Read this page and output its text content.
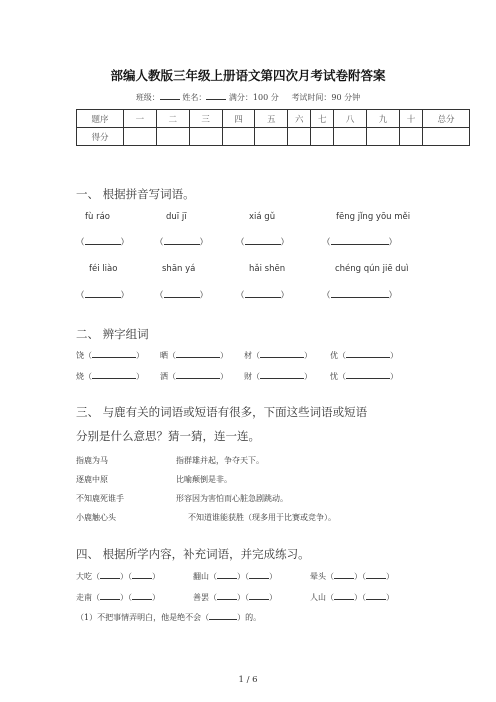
部编人教版三年级上册语文第四次月考试卷附答案
班级：	姓名：	满分：100 分 考试时间：90 分钟
题序	一	二	三	四	五	六	七	八	九	十	总分
得分											
一、 根据拼音写词语。
fù ráo	duī jī	xiá gǔ	fēng jǐng yōu měi
（	）	（	）	（	）	（	）
féi liào	shān yá	hǎi shēn	chéng qún jiē duì
（	）	（	）	（	）	（	）
二、 辨字组词
饶（	） 晒（	） 材（	） 优（	）
烧（	） 洒（	） 财（	） 忧（	）
三、 与鹿有关的词语或短语有很多，下面这些词语或短语
分别是什么意思？猜一猜，连一连。
指鹿为马
逐鹿中原
不知鹿死谁手
小鹿触心头
指群雄并起，争夺天下。
比喻颠倒是非。
形容因为害怕而心脏急剧跳动。
不知道谁能获胜（现多用于比赛或竞争）。
四、 根据所学内容，补充词语，并完成练习。
大吃（	）（	）	翻山（	）（	）	晕头（	）（	）
走南（	）（	）	善罢（	）（	）	人山（	）（	）
（1）不把事情弄明白，他是绝不会（	）的。
1 / 6
